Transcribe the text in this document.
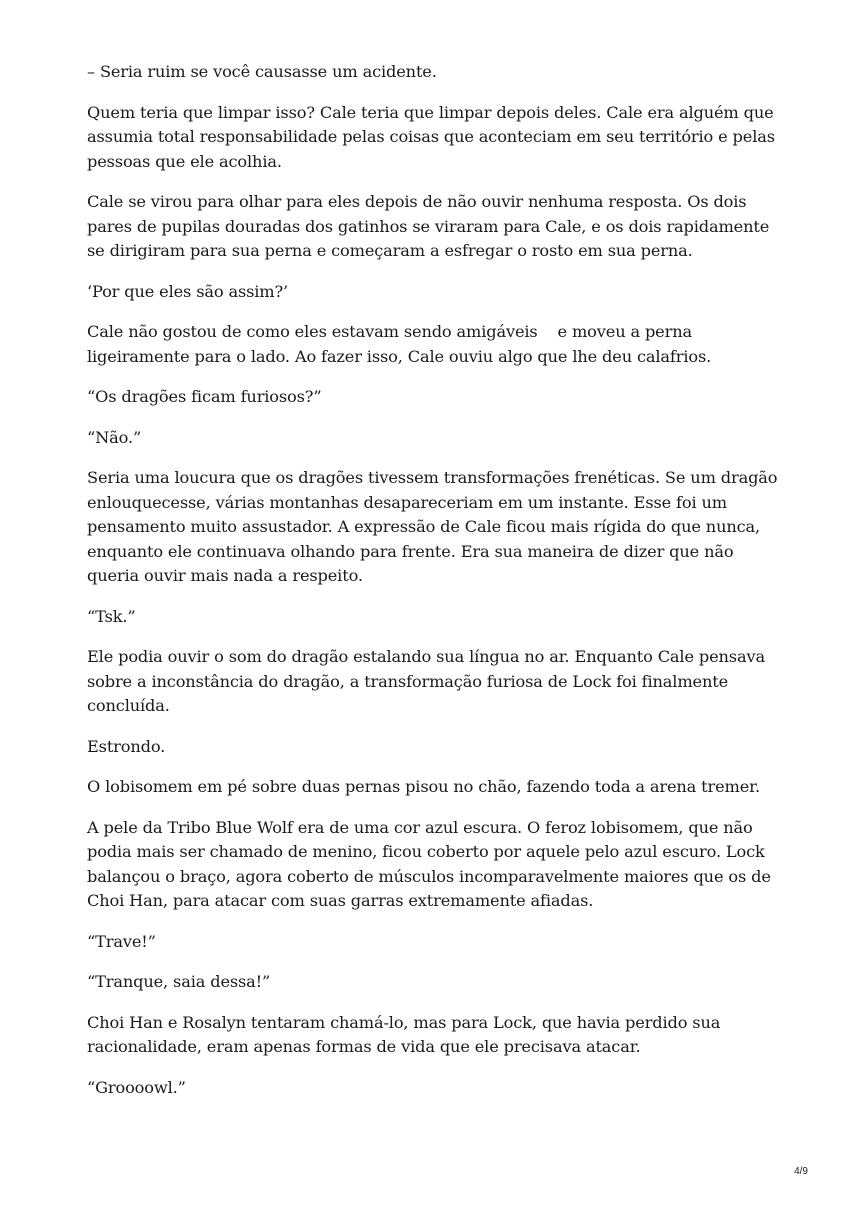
– Seria ruim se você causasse um acidente.

Quem teria que limpar isso? Cale teria que limpar depois deles. Cale era alguém que assumia total responsabilidade pelas coisas que aconteciam em seu território e pelas pessoas que ele acolhia.

Cale se virou para olhar para eles depois de não ouvir nenhuma resposta. Os dois pares de pupilas douradas dos gatinhos se viraram para Cale, e os dois rapidamente se dirigiram para sua perna e começaram a esfregar o rosto em sua perna.

‘Por que eles são assim?’

Cale não gostou de como eles estavam sendo amigáveis    e moveu a perna ligeiramente para o lado. Ao fazer isso, Cale ouviu algo que lhe deu calafrios.

“Os dragões ficam furiosos?”

“Não.”

Seria uma loucura que os dragões tivessem transformações frenéticas. Se um dragão enlouquecesse, várias montanhas desapareceriam em um instante. Esse foi um pensamento muito assustador. A expressão de Cale ficou mais rígida do que nunca, enquanto ele continuava olhando para frente. Era sua maneira de dizer que não queria ouvir mais nada a respeito.

“Tsk.”

Ele podia ouvir o som do dragão estalando sua língua no ar. Enquanto Cale pensava sobre a inconstância do dragão, a transformação furiosa de Lock foi finalmente concluída.

Estrondo.

O lobisomem em pé sobre duas pernas pisou no chão, fazendo toda a arena tremer.

A pele da Tribo Blue Wolf era de uma cor azul escura. O feroz lobisomem, que não podia mais ser chamado de menino, ficou coberto por aquele pelo azul escuro. Lock balançou o braço, agora coberto de músculos incomparavelmente maiores que os de Choi Han, para atacar com suas garras extremamente afiadas.

“Trave!”

“Tranque, saia dessa!”

Choi Han e Rosalyn tentaram chamá-lo, mas para Lock, que havia perdido sua racionalidade, eram apenas formas de vida que ele precisava atacar.

“Groooowl.”

4/9
